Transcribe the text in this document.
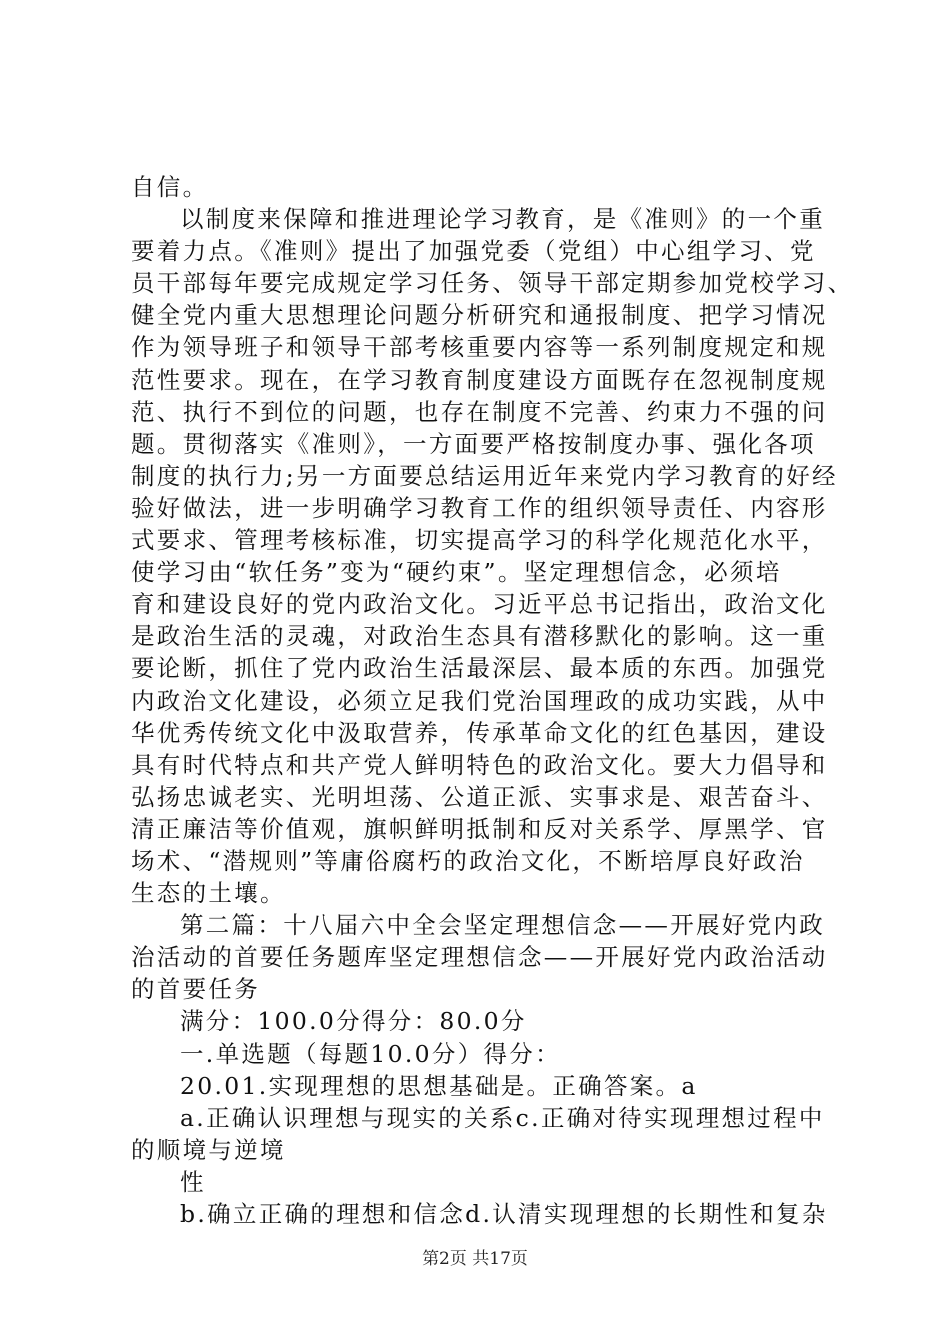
自信。
以制度来保障和推进理论学习教育，是《准则》的一个重
要着力点。《准则》提出了加强党委（党组）中心组学习、党
员干部每年要完成规定学习任务、领导干部定期参加党校学习、
健全党内重大思想理论问题分析研究和通报制度、把学习情况
作为领导班子和领导干部考核重要内容等一系列制度规定和规
范性要求。现在，在学习教育制度建设方面既存在忽视制度规
范、执行不到位的问题，也存在制度不完善、约束力不强的问
题。贯彻落实《准则》，一方面要严格按制度办事、强化各项
制度的执行力;另一方面要总结运用近年来党内学习教育的好经
验好做法，进一步明确学习教育工作的组织领导责任、内容形
式要求、管理考核标准，切实提高学习的科学化规范化水平，
使学习由“软任务”变为“硬约束”。坚定理想信念，必须培
育和建设良好的党内政治文化。习近平总书记指出，政治文化
是政治生活的灵魂，对政治生态具有潜移默化的影响。这一重
要论断，抓住了党内政治生活最深层、最本质的东西。加强党
内政治文化建设，必须立足我们党治国理政的成功实践，从中
华优秀传统文化中汲取营养，传承革命文化的红色基因，建设
具有时代特点和共产党人鲜明特色的政治文化。要大力倡导和
弘扬忠诚老实、光明坦荡、公道正派、实事求是、艰苦奋斗、
清正廉洁等价值观，旗帜鲜明抵制和反对关系学、厚黑学、官
场术、“潜规则”等庸俗腐朽的政治文化，不断培厚良好政治
生态的土壤。
第二篇：十八届六中全会坚定理想信念——开展好党内政
治活动的首要任务题库坚定理想信念——开展好党内政治活动
的首要任务
满分：100.0分得分：80.0分
一.单选题（每题10.0分）得分：
20.01.实现理想的思想基础是。正确答案。a
a.正确认识理想与现实的关系c.正确对待实现理想过程中
的顺境与逆境
性
b.确立正确的理想和信念d.认清实现理想的长期性和复杂
第2页 共17页
